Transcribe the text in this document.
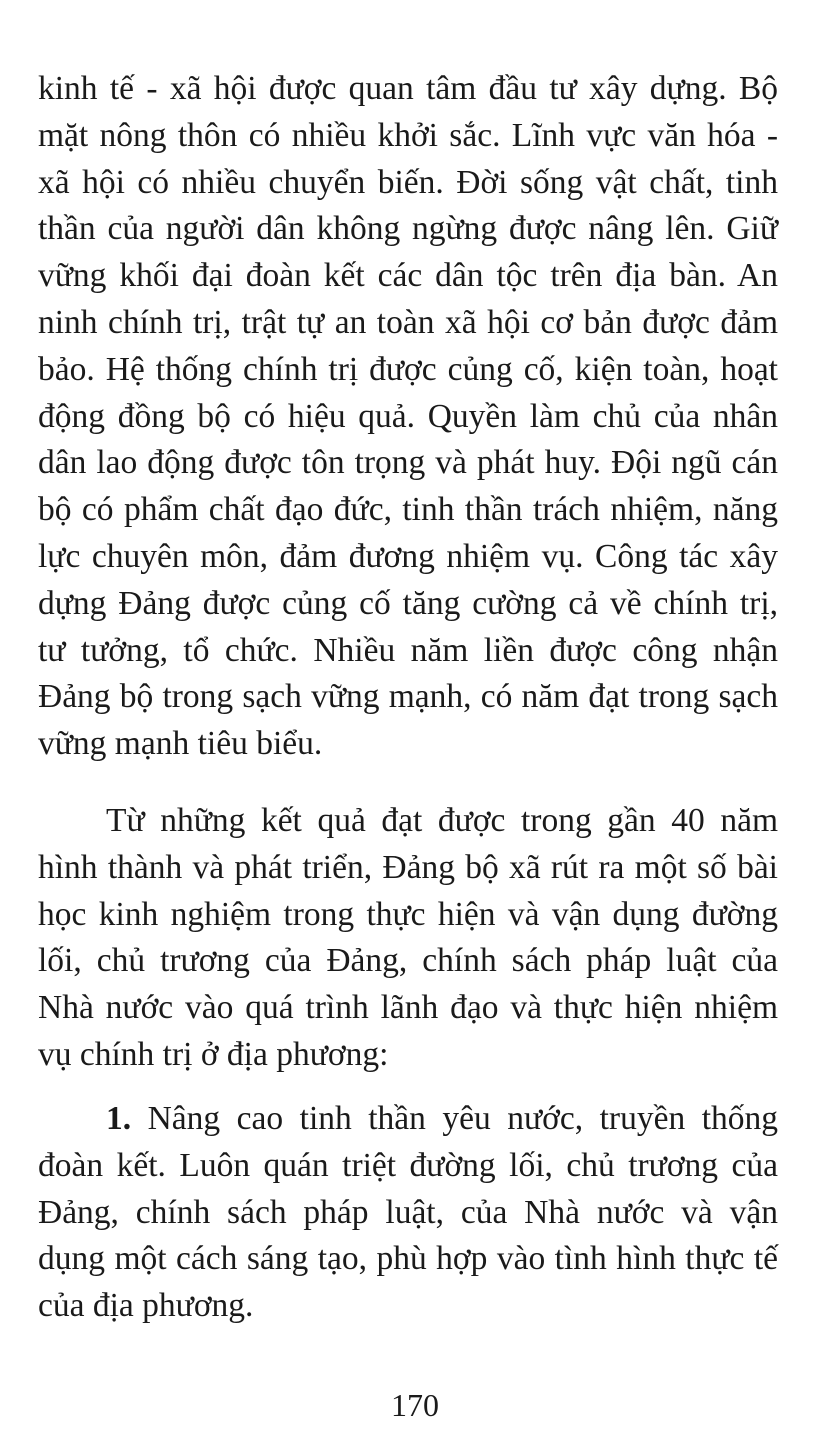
kinh tế - xã hội được quan tâm đầu tư xây dựng. Bộ
mặt nông thôn có nhiều khởi sắc. Lĩnh vực văn hóa -
xã hội có nhiều chuyển biến. Đời sống vật chất, tinh
thần của người dân không ngừng được nâng lên. Giữ
vững khối đại đoàn kết các dân tộc trên địa bàn. An
ninh chính trị, trật tự an toàn xã hội cơ bản được đảm
bảo. Hệ thống chính trị được củng cố, kiện toàn, hoạt
động đồng bộ có hiệu quả. Quyền làm chủ của nhân
dân lao động được tôn trọng và phát huy. Đội ngũ cán
bộ có phẩm chất đạo đức, tinh thần trách nhiệm, năng
lực chuyên môn, đảm đương nhiệm vụ. Công tác xây
dựng Đảng được củng cố tăng cường cả về chính trị,
tư tưởng, tổ chức. Nhiều năm liền được công nhận
Đảng bộ trong sạch vững mạnh, có năm đạt trong sạch
vững mạnh tiêu biểu.
Từ những kết quả đạt được trong gần 40 năm
hình thành và phát triển, Đảng bộ xã rút ra một số bài
học kinh nghiệm trong thực hiện và vận dụng đường
lối, chủ trương của Đảng, chính sách pháp luật của
Nhà nước vào quá trình lãnh đạo và thực hiện nhiệm
vụ chính trị ở địa phương:
1. Nâng cao tinh thần yêu nước, truyền thống
đoàn kết. Luôn quán triệt đường lối, chủ trương của
Đảng, chính sách pháp luật, của Nhà nước và vận
dụng một cách sáng tạo, phù hợp vào tình hình thực tế
của địa phương.
170
